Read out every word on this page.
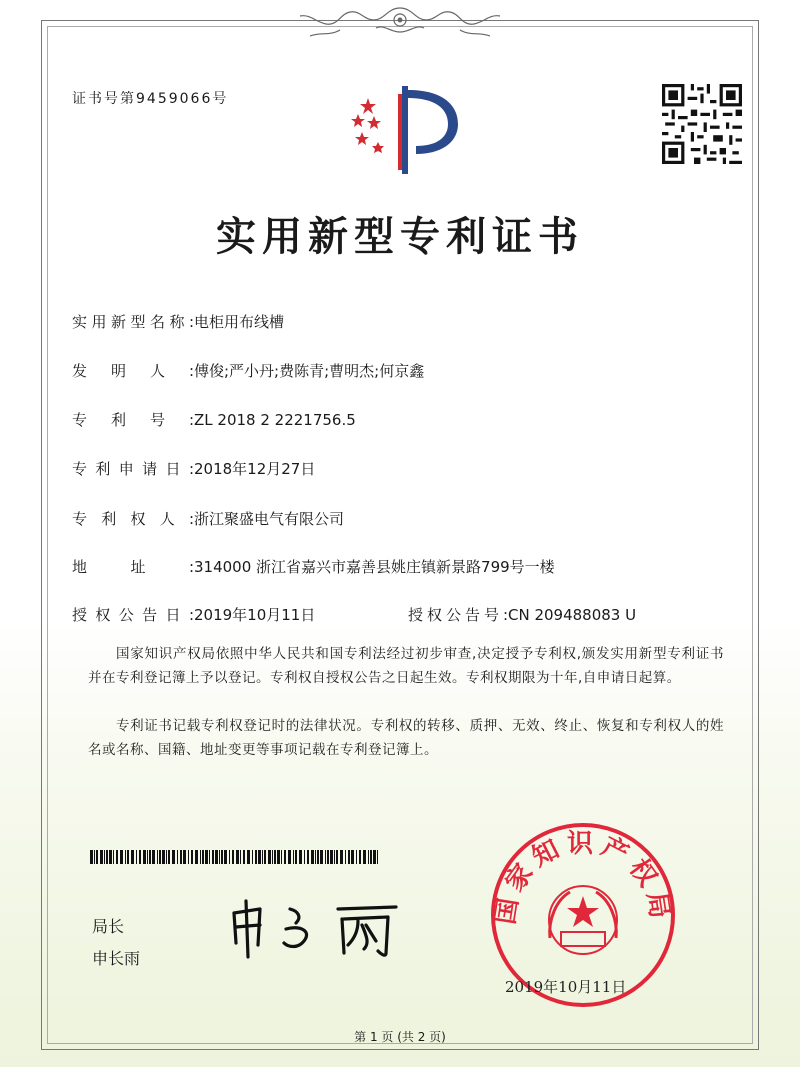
证书号第9459066号
实用新型专利证书
实用新型名称:电柜用布线槽
发明人:傅俊;严小丹;费陈青;曹明杰;何京鑫
专利号:ZL 2018 2 2221756.5
专利申请日:2018年12月27日
专利权人:浙江聚盛电气有限公司
地址:314000 浙江省嘉兴市嘉善县姚庄镇新景路799号一楼
授权公告日:2019年10月11日	授权公告号:CN 209488083 U
国家知识产权局依照中华人民共和国专利法经过初步审查,决定授予专利权,颁发实用新型专利证书并在专利登记簿上予以登记。专利权自授权公告之日起生效。专利权期限为十年,自申请日起算。
专利证书记载专利权登记时的法律状况。专利权的转移、质押、无效、终止、恢复和专利权人的姓名或名称、国籍、地址变更等事项记载在专利登记簿上。
局长
申长雨
国家知识产权局
2019年10月11日
第 1 页 (共 2 页)
